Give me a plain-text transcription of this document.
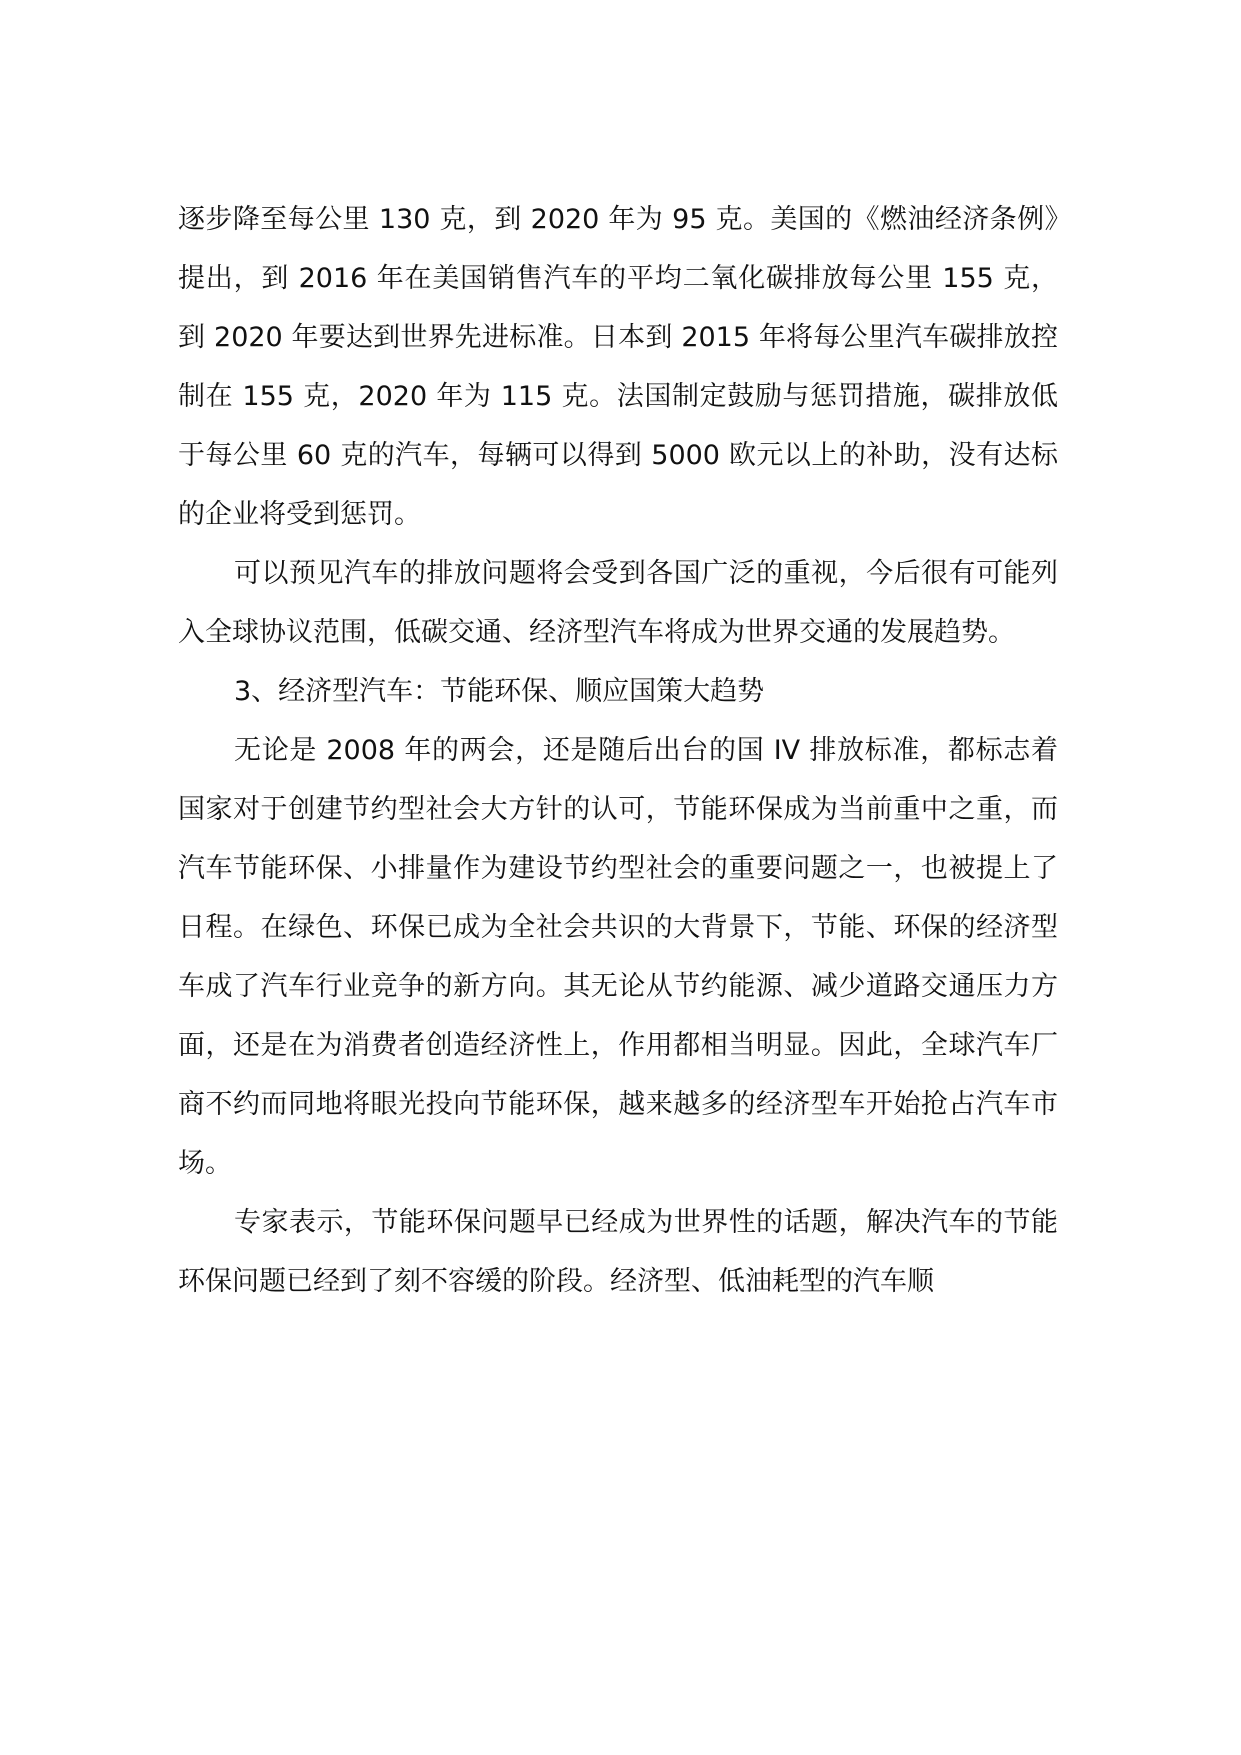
逐步降至每公里 130 克，到 2020 年为 95 克。美国的《燃油经济条例》提出，到 2016 年在美国销售汽车的平均二氧化碳排放每公里 155 克，到 2020 年要达到世界先进标准。日本到 2015 年将每公里汽车碳排放控制在 155 克，2020 年为 115 克。法国制定鼓励与惩罚措施，碳排放低于每公里 60 克的汽车，每辆可以得到 5000 欧元以上的补助，没有达标的企业将受到惩罚。

可以预见汽车的排放问题将会受到各国广泛的重视，今后很有可能列入全球协议范围，低碳交通、经济型汽车将成为世界交通的发展趋势。

3、经济型汽车：节能环保、顺应国策大趋势

无论是 2008 年的两会，还是随后出台的国 IV 排放标准，都标志着国家对于创建节约型社会大方针的认可，节能环保成为当前重中之重，而汽车节能环保、小排量作为建设节约型社会的重要问题之一，也被提上了日程。在绿色、环保已成为全社会共识的大背景下，节能、环保的经济型车成了汽车行业竞争的新方向。其无论从节约能源、减少道路交通压力方面，还是在为消费者创造经济性上，作用都相当明显。因此，全球汽车厂商不约而同地将眼光投向节能环保，越来越多的经济型车开始抢占汽车市场。

专家表示，节能环保问题早已经成为世界性的话题，解决汽车的节能环保问题已经到了刻不容缓的阶段。经济型、低油耗型的汽车顺
